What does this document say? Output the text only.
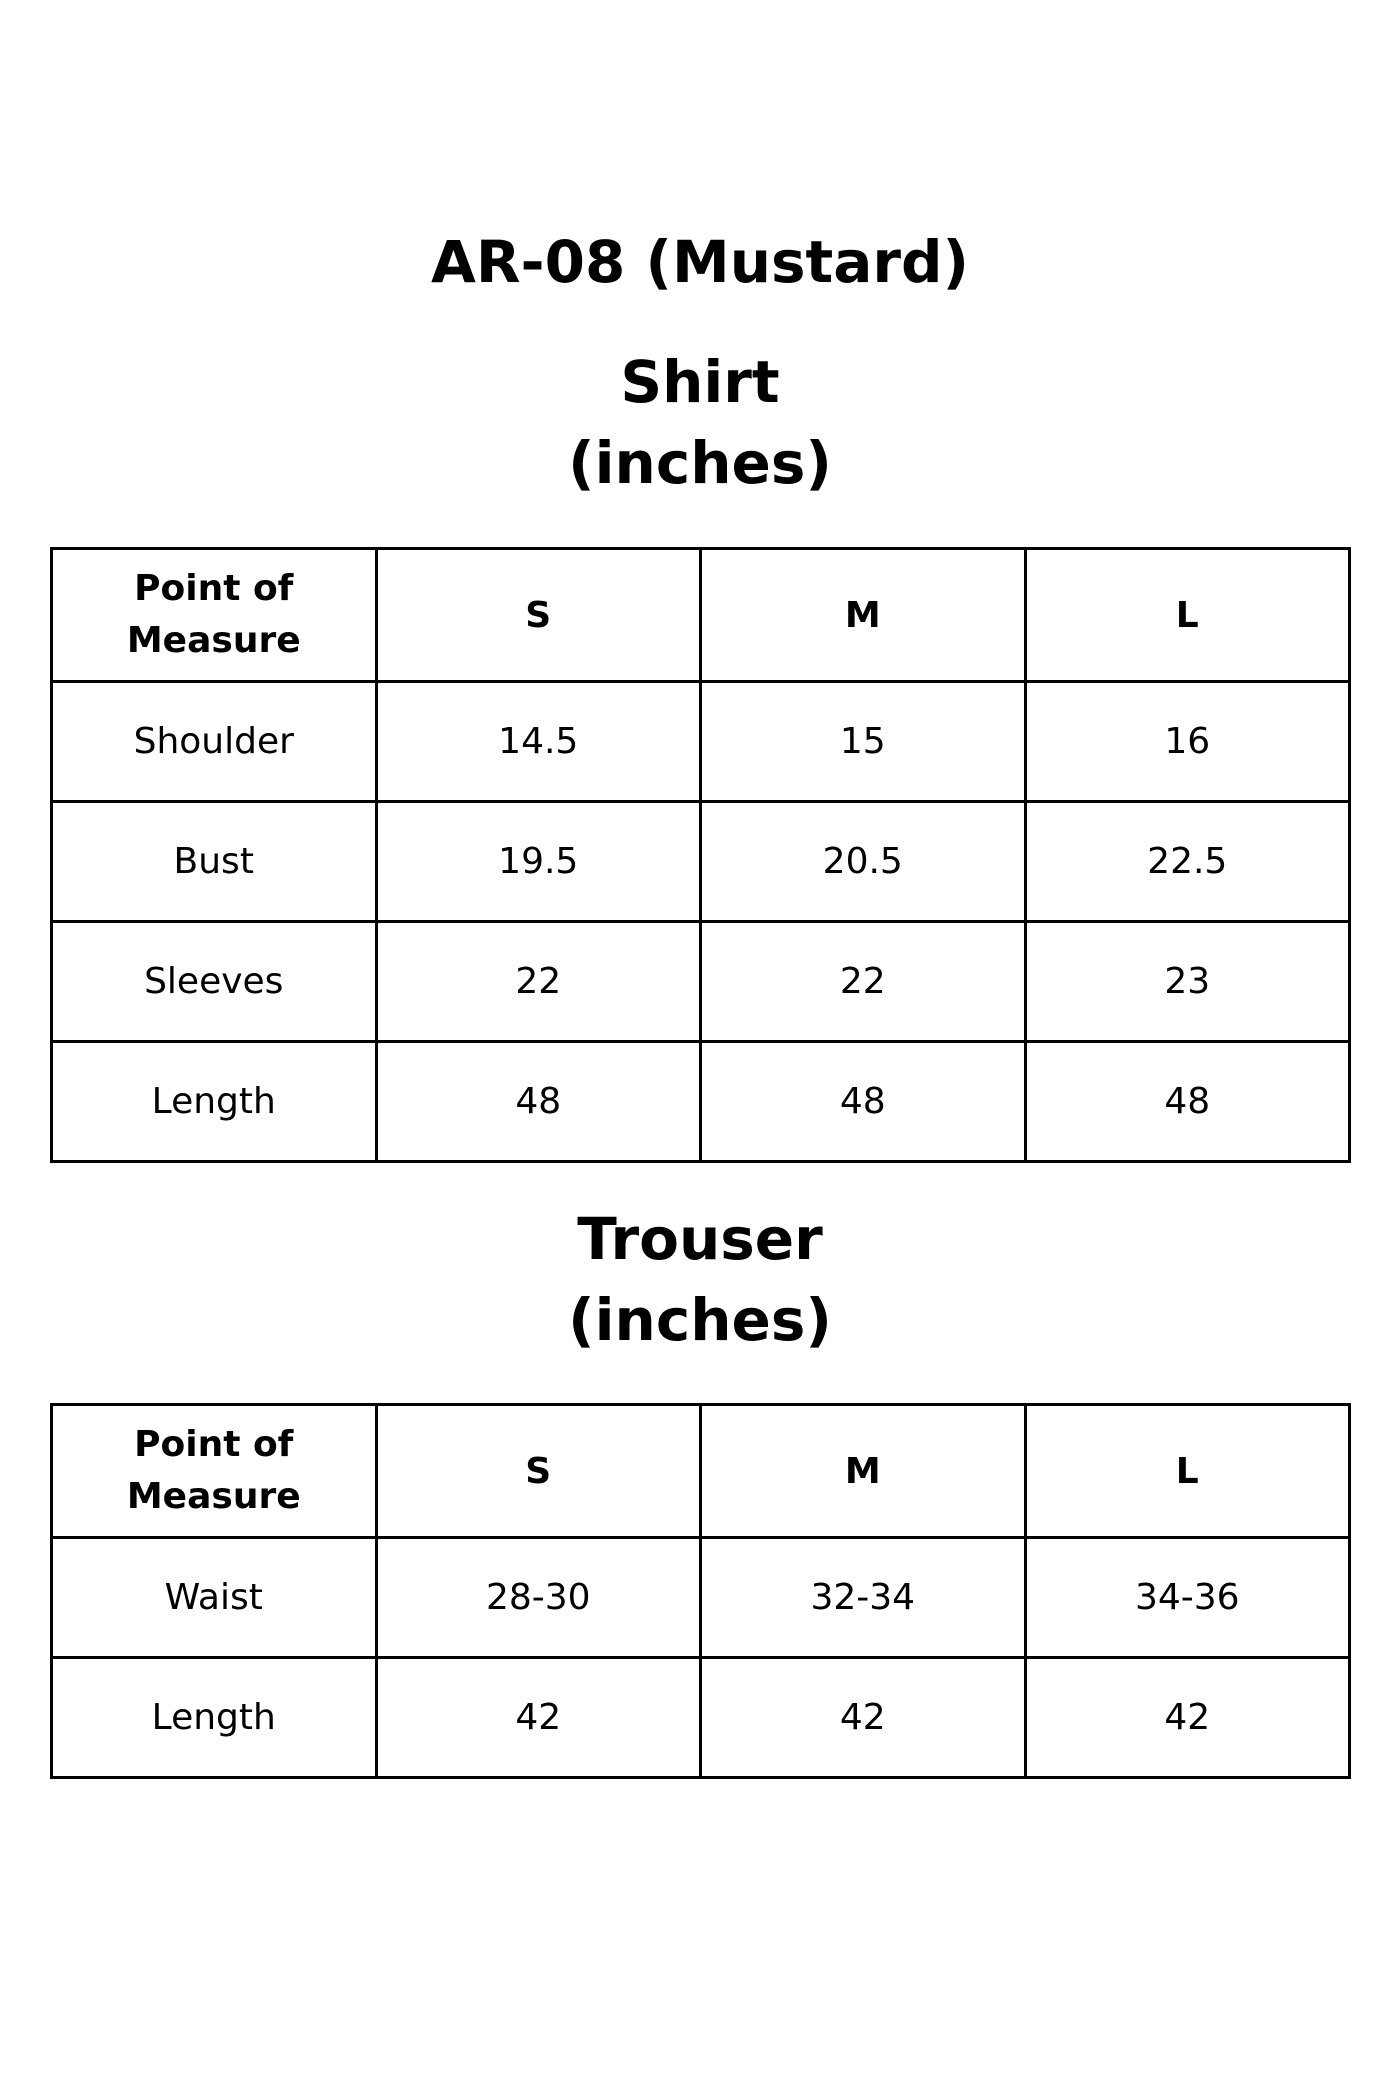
AR-08 (Mustard)
Shirt
(inches)
Point of
Measure	S	M	L
Shoulder	14.5	15	16
Bust	19.5	20.5	22.5
Sleeves	22	22	23
Length	48	48	48
Trouser
(inches)
Point of
Measure	S	M	L
Waist	28-30	32-34	34-36
Length	42	42	42
